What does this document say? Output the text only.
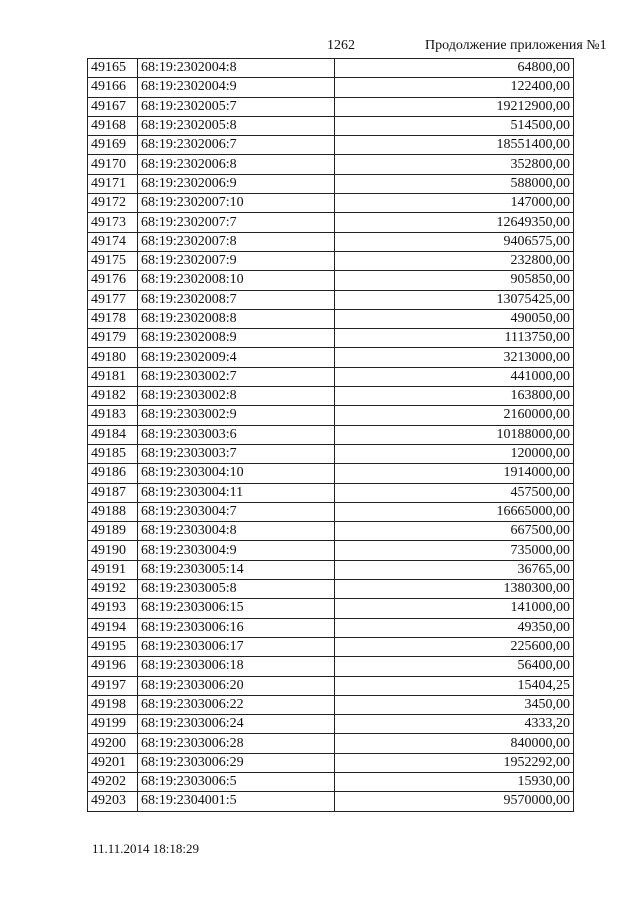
1262	Продолжение приложения №1
49165	68:19:2302004:8	64800,00
49166	68:19:2302004:9	122400,00
49167	68:19:2302005:7	19212900,00
49168	68:19:2302005:8	514500,00
49169	68:19:2302006:7	18551400,00
49170	68:19:2302006:8	352800,00
49171	68:19:2302006:9	588000,00
49172	68:19:2302007:10	147000,00
49173	68:19:2302007:7	12649350,00
49174	68:19:2302007:8	9406575,00
49175	68:19:2302007:9	232800,00
49176	68:19:2302008:10	905850,00
49177	68:19:2302008:7	13075425,00
49178	68:19:2302008:8	490050,00
49179	68:19:2302008:9	1113750,00
49180	68:19:2302009:4	3213000,00
49181	68:19:2303002:7	441000,00
49182	68:19:2303002:8	163800,00
49183	68:19:2303002:9	2160000,00
49184	68:19:2303003:6	10188000,00
49185	68:19:2303003:7	120000,00
49186	68:19:2303004:10	1914000,00
49187	68:19:2303004:11	457500,00
49188	68:19:2303004:7	16665000,00
49189	68:19:2303004:8	667500,00
49190	68:19:2303004:9	735000,00
49191	68:19:2303005:14	36765,00
49192	68:19:2303005:8	1380300,00
49193	68:19:2303006:15	141000,00
49194	68:19:2303006:16	49350,00
49195	68:19:2303006:17	225600,00
49196	68:19:2303006:18	56400,00
49197	68:19:2303006:20	15404,25
49198	68:19:2303006:22	3450,00
49199	68:19:2303006:24	4333,20
49200	68:19:2303006:28	840000,00
49201	68:19:2303006:29	1952292,00
49202	68:19:2303006:5	15930,00
49203	68:19:2304001:5	9570000,00
11.11.2014 18:18:29
